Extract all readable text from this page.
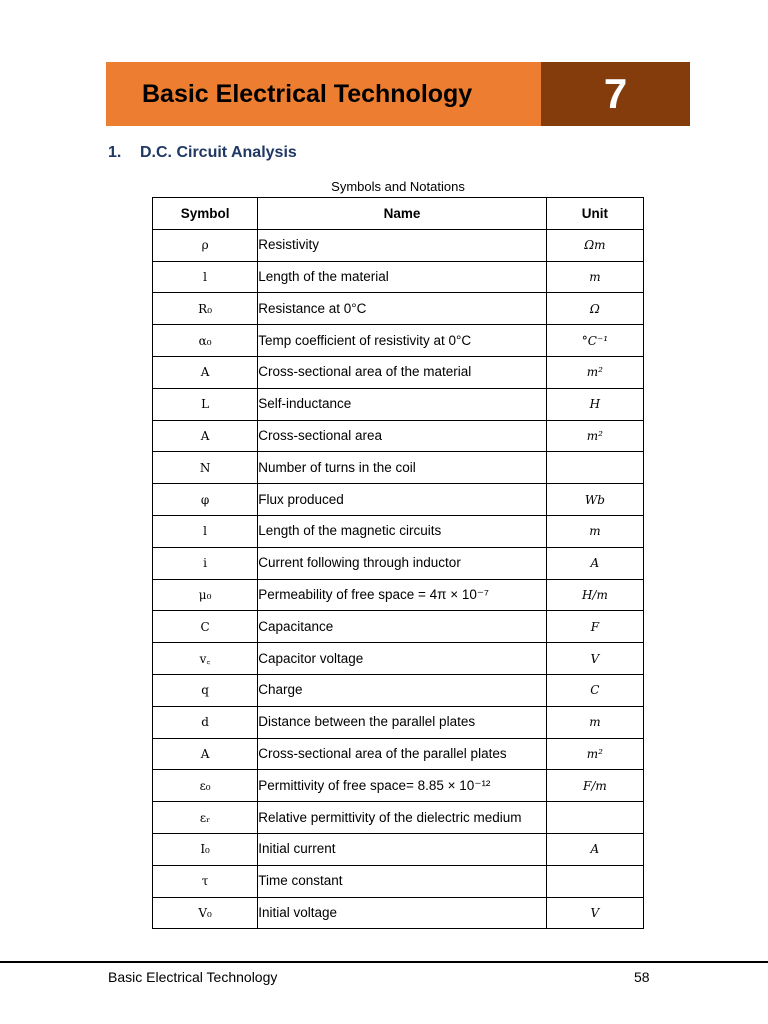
Basic Electrical Technology	7
1. D.C. Circuit Analysis
Symbols and Notations
Symbol	Name	Unit
ρ	Resistivity	Ωm
l	Length of the material	m
R₀	Resistance at 0°C	Ω
α₀	Temp coefficient of resistivity at 0°C	°C⁻¹
A	Cross-sectional area of the material	m²
L	Self-inductance	H
A	Cross-sectional area	m²
N	Number of turns in the coil	
φ	Flux produced	Wb
l	Length of the magnetic circuits	m
i	Current following through inductor	A
μ₀	Permeability of free space = 4π × 10⁻⁷	H/m
C	Capacitance	F
v꜀	Capacitor voltage	V
q	Charge	C
d	Distance between the parallel plates	m
A	Cross-sectional area of the parallel plates	m²
ε₀	Permittivity of free space= 8.85 × 10⁻¹²	F/m
εᵣ	Relative permittivity of the dielectric medium	
I₀	Initial current	A
τ	Time constant	
V₀	Initial voltage	V
Basic Electrical Technology	58
